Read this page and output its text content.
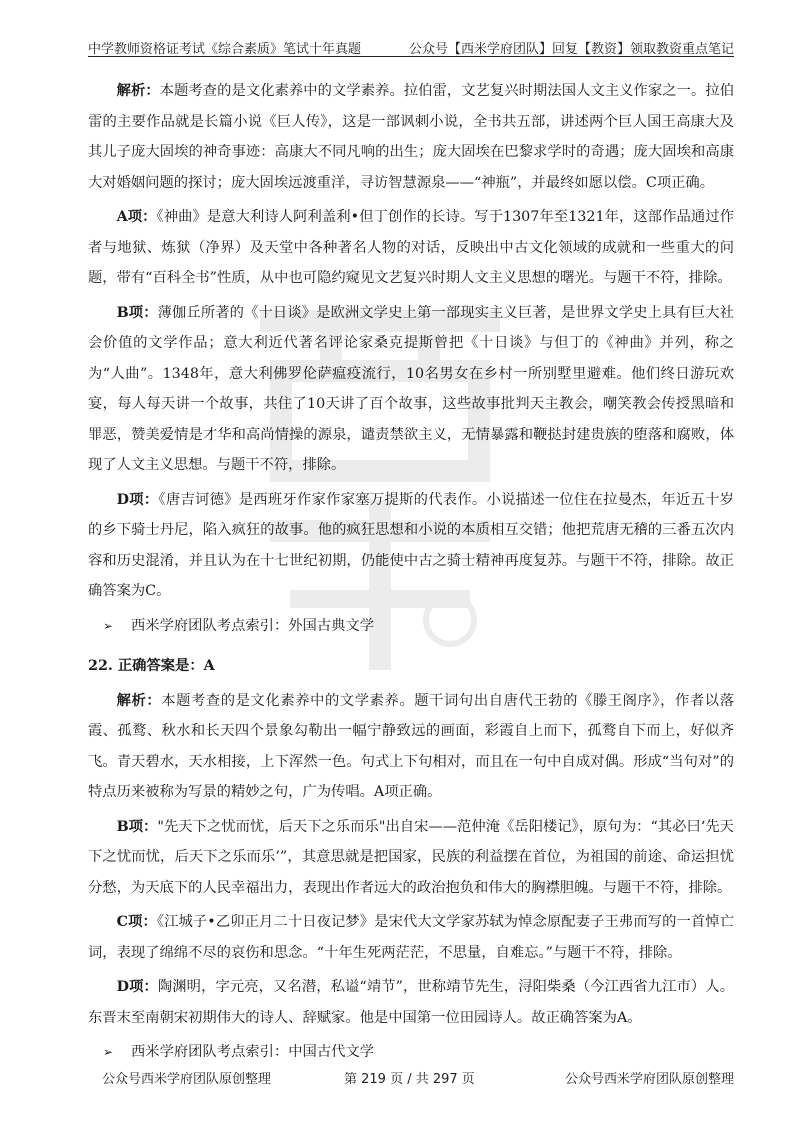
中学教师资格证考试《综合素质》笔试十年真题	公众号【西米学府团队】回复【教资】领取教资重点笔记

解析：本题考查的是文化素养中的文学素养。拉伯雷，文艺复兴时期法国人文主义作家之一。拉伯雷的主要作品就是长篇小说《巨人传》，这是一部讽刺小说，全书共五部，讲述两个巨人国王高康大及其儿子庞大固埃的神奇事迹：高康大不同凡响的出生；庞大固埃在巴黎求学时的奇遇；庞大固埃和高康大对婚姻问题的探讨；庞大固埃远渡重洋，寻访智慧源泉——“神瓶”，并最终如愿以偿。C项正确。

A项：《神曲》是意大利诗人阿利盖利•但丁创作的长诗。写于1307年至1321年，这部作品通过作者与地狱、炼狱（净界）及天堂中各种著名人物的对话，反映出中古文化领域的成就和一些重大的问题，带有“百科全书”性质，从中也可隐约窥见文艺复兴时期人文主义思想的曙光。与题干不符，排除。

B项：薄伽丘所著的《十日谈》是欧洲文学史上第一部现实主义巨著，是世界文学史上具有巨大社会价值的文学作品；意大利近代著名评论家桑克提斯曾把《十日谈》与但丁的《神曲》并列，称之为“人曲”。1348年，意大利佛罗伦萨瘟疫流行，10名男女在乡村一所别墅里避难。他们终日游玩欢宴，每人每天讲一个故事，共住了10天讲了百个故事，这些故事批判天主教会，嘲笑教会传授黑暗和罪恶，赞美爱情是才华和高尚情操的源泉，谴责禁欲主义，无情暴露和鞭挞封建贵族的堕落和腐败，体现了人文主义思想。与题干不符，排除。

D项：《唐吉诃德》是西班牙作家作家塞万提斯的代表作。小说描述一位住在拉曼杰，年近五十岁的乡下骑士丹尼，陷入疯狂的故事。他的疯狂思想和小说的本质相互交错；他把荒唐无稽的三番五次内容和历史混淆，并且认为在十七世纪初期，仍能使中古之骑士精神再度复苏。与题干不符，排除。故正确答案为C。

➢	西米学府团队考点索引：外国古典文学

22. 正确答案是：A

解析：本题考查的是文化素养中的文学素养。题干词句出自唐代王勃的《滕王阁序》，作者以落霞、孤鹜、秋水和长天四个景象勾勒出一幅宁静致远的画面，彩霞自上而下，孤鹜自下而上，好似齐飞。青天碧水，天水相接，上下浑然一色。句式上下句相对，而且在一句中自成对偶。形成“当句对”的特点历来被称为写景的精妙之句，广为传唱。A项正确。

B项："先天下之忧而忧，后天下之乐而乐"出自宋——范仲淹《岳阳楼记》，原句为：“其必曰‘先天下之忧而忧，后天下之乐而乐’”，其意思就是把国家，民族的利益摆在首位，为祖国的前途、命运担忧分愁，为天底下的人民幸福出力，表现出作者远大的政治抱负和伟大的胸襟胆魄。与题干不符，排除。

C项：《江城子•乙卯正月二十日夜记梦》是宋代大文学家苏轼为悼念原配妻子王弗而写的一首悼亡词，表现了绵绵不尽的哀伤和思念。“十年生死两茫茫，不思量，自难忘。”与题干不符，排除。

D项：陶渊明，字元亮，又名潜，私谥“靖节”，世称靖节先生，浔阳柴桑（今江西省九江市）人。东晋末至南朝宋初期伟大的诗人、辞赋家。他是中国第一位田园诗人。故正确答案为A。

➢	西米学府团队考点索引：中国古代文学
公众号西米学府团队原创整理	第 219 页 / 共 297 页	公众号西米学府团队原创整理
